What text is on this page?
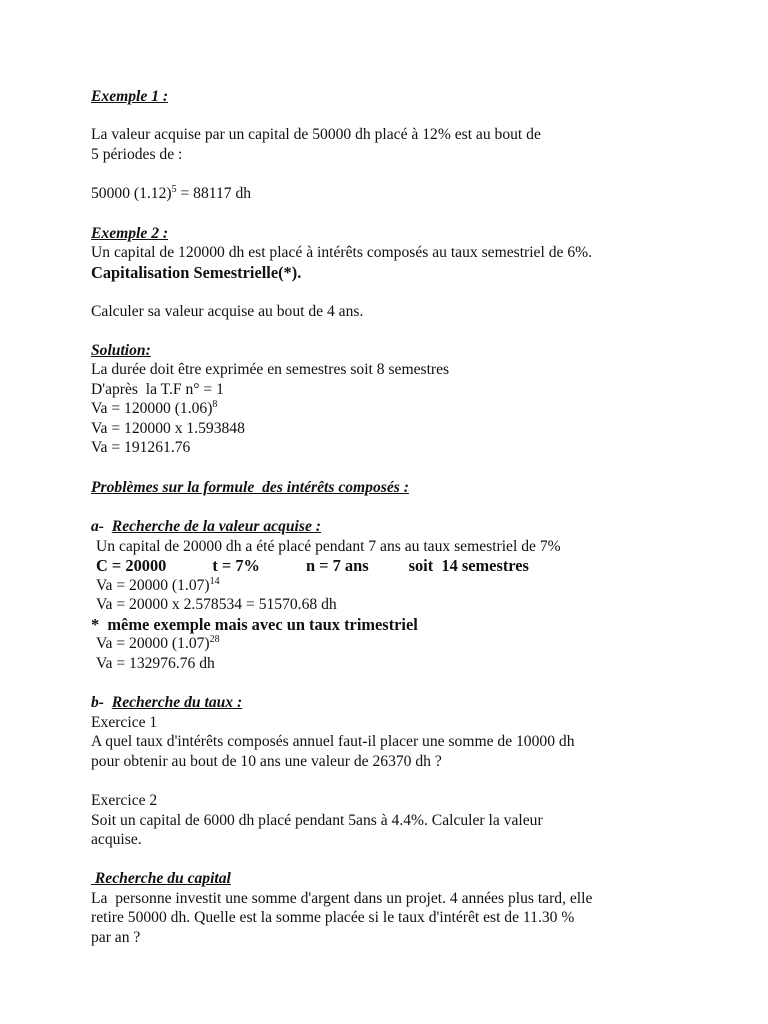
Exemple 1 :
La valeur acquise par un capital de 50000 dh placé à 12% est au bout de
5 périodes de :
50000 $(1.12)^5 = 88117$ dh
Exemple 2 :
Un capital de 120000 dh est placé à intérêts composés au taux semestriel de 6%.
Capitalisation Semestrielle(*).
Calculer sa valeur acquise au bout de 4 ans.
Solution:
La durée doit être exprimée en semestres soit 8 semestres
D'après  la T.F n° = 1
Va = 120000 $(1.06)^8$
Va = 120000 x 1.593848
Va = 191261.76
Problèmes sur la formule  des intérêts composés :
a-  Recherche de la valeur acquise :
Un capital de 20000 dh a été placé pendant 7 ans au taux semestriel de 7%
C = 20000	t = 7%	n = 7 ans soit  14 semestres
Va = 20000 $(1.07)^{14}$
Va = 20000 x 2.578534 = 51570.68 dh
*  même exemple mais avec un taux trimestriel
Va = 20000 $(1.07)^{28}$
Va = 132976.76 dh
b-  Recherche du taux :
Exercice 1
A quel taux d'intérêts composés annuel faut-il placer une somme de 10000 dh
pour obtenir au bout de 10 ans une valeur de 26370 dh ?
Exercice 2
Soit un capital de 6000 dh placé pendant 5ans à 4.4%. Calculer la valeur
acquise.
Recherche du capital
La  personne investit une somme d'argent dans un projet. 4 années plus tard, elle
retire 50000 dh. Quelle est la somme placée si le taux d'intérêt est de 11.30 %
par an ?
